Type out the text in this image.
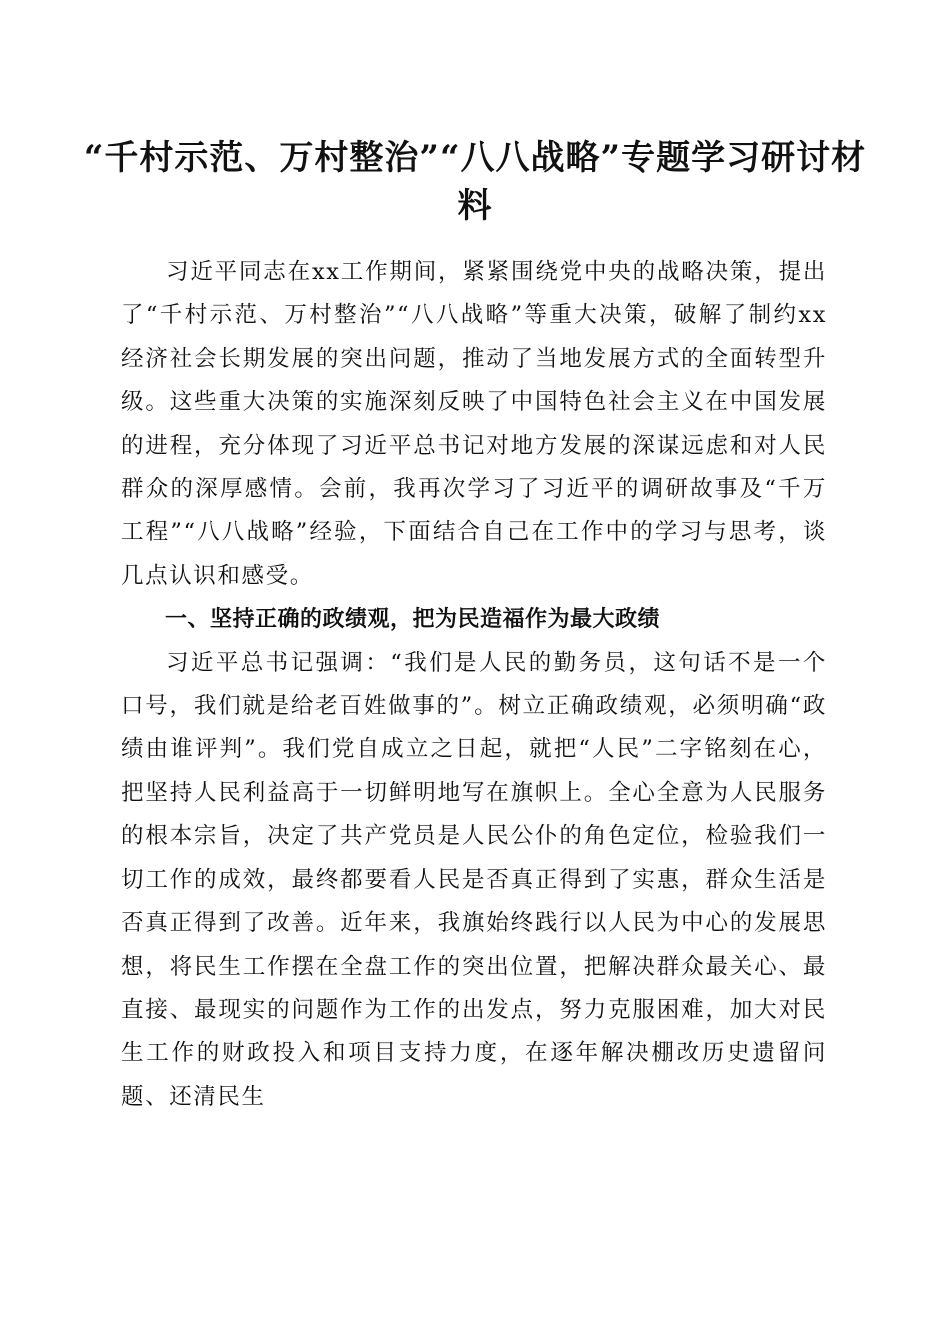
“千村示范、万村整治”“八八战略”专题学习研讨材料

习近平同志在xx工作期间，紧紧围绕党中央的战略决策，提出了“千村示范、万村整治”“八八战略”等重大决策，破解了制约xx经济社会长期发展的突出问题，推动了当地发展方式的全面转型升级。这些重大决策的实施深刻反映了中国特色社会主义在中国发展的进程，充分体现了习近平总书记对地方发展的深谋远虑和对人民群众的深厚感情。会前，我再次学习了习近平的调研故事及“千万工程”“八八战略”经验，下面结合自己在工作中的学习与思考，谈几点认识和感受。

一、坚持正确的政绩观，把为民造福作为最大政绩

习近平总书记强调：“我们是人民的勤务员，这句话不是一个口号，我们就是给老百姓做事的”。树立正确政绩观，必须明确“政绩由谁评判”。我们党自成立之日起，就把“人民”二字铭刻在心，把坚持人民利益高于一切鲜明地写在旗帜上。全心全意为人民服务的根本宗旨，决定了共产党员是人民公仆的角色定位，检验我们一切工作的成效，最终都要看人民是否真正得到了实惠，群众生活是否真正得到了改善。近年来，我旗始终践行以人民为中心的发展思想，将民生工作摆在全盘工作的突出位置，把解决群众最关心、最直接、最现实的问题作为工作的出发点，努力克服困难，加大对民生工作的财政投入和项目支持力度，在逐年解决棚改历史遗留问题、还清民生
